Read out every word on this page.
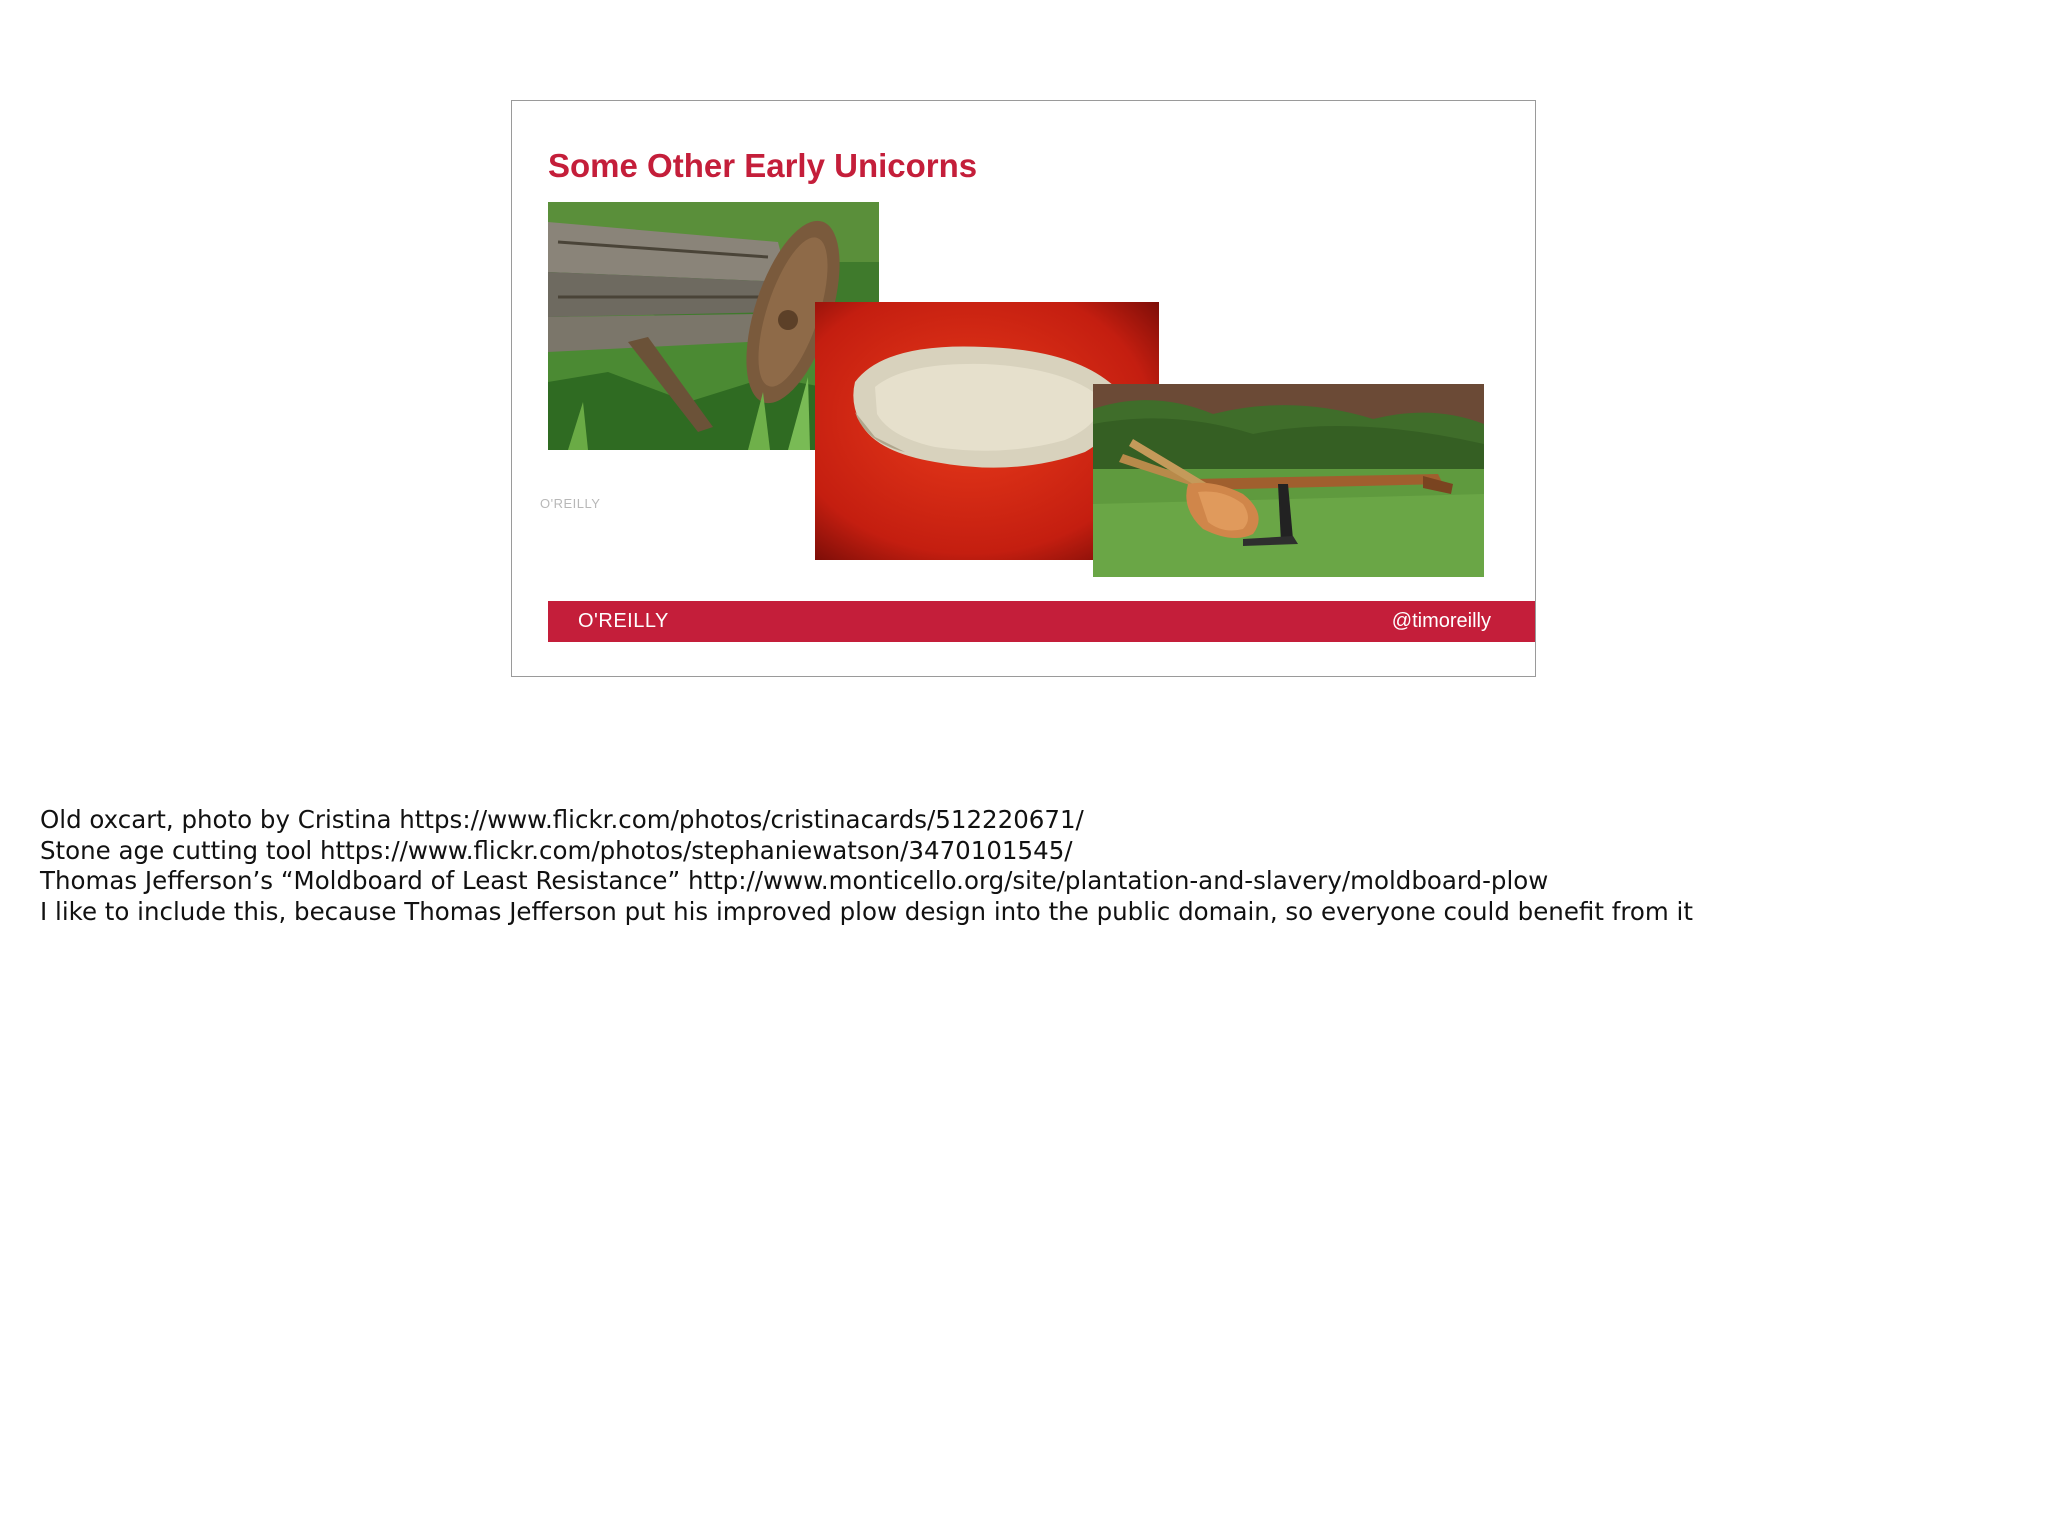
Some Other Early Unicorns
O'REILLY
O'REILLY	@timoreilly
Old oxcart, photo by Cristina https://www.flickr.com/photos/cristinacards/512220671/
Stone age cutting tool https://www.flickr.com/photos/stephaniewatson/3470101545/
Thomas Jefferson’s “Moldboard of Least Resistance” http://www.monticello.org/site/plantation-and-slavery/moldboard-plow
I like to include this, because Thomas Jefferson put his improved plow design into the public domain, so everyone could benefit from it
